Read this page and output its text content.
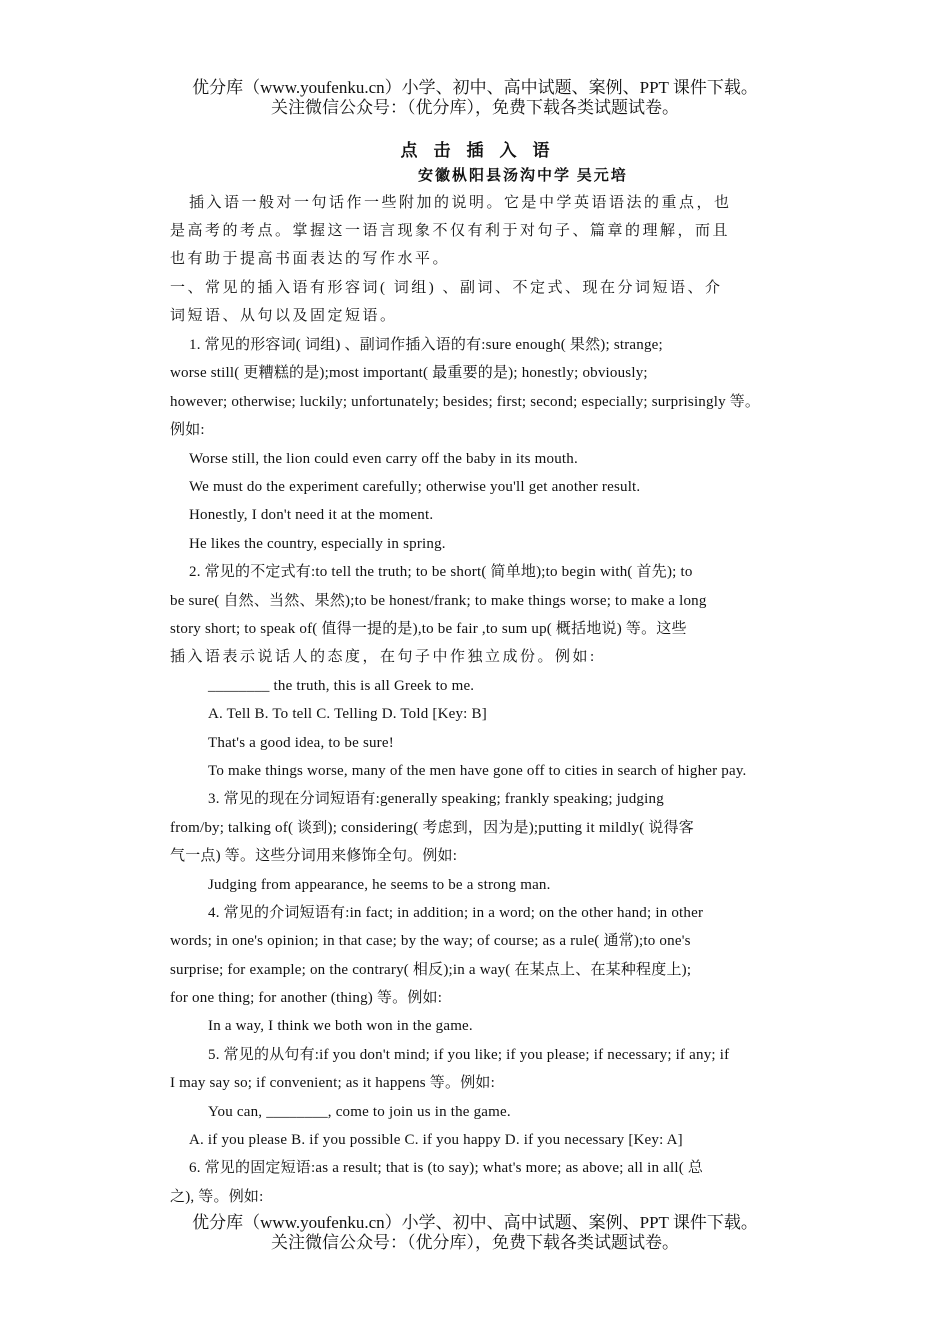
优分库（www.youfenku.cn）小学、初中、高中试题、案例、PPT 课件下载。
关注微信公众号：（优分库），免费下载各类试题试卷。
点击插入语
安徽枞阳县汤沟中学 吴元培
插入语一般对一句话作一些附加的说明。它是中学英语语法的重点，也
是高考的考点。掌握这一语言现象不仅有利于对句子、篇章的理解，而且
也有助于提高书面表达的写作水平。
一、常见的插入语有形容词( 词组) 、副词、不定式、现在分词短语、介
词短语、从句以及固定短语。
1. 常见的形容词( 词组) 、副词作插入语的有:sure enough( 果然); strange;
worse still( 更糟糕的是);most important( 最重要的是); honestly; obviously;
however; otherwise; luckily; unfortunately; besides; first; second; especially; surprisingly 等。
例如:
Worse still, the lion could even carry off the baby in its mouth.
We must do the experiment carefully; otherwise you'll get another result.
Honestly, I don't need it at the moment.
He likes the country, especially in spring.
2. 常见的不定式有:to tell the truth; to be short( 简单地);to begin with( 首先); to
be sure( 自然、当然、果然);to be honest/frank; to make things worse; to make a long
story short; to speak of( 值得一提的是),to be fair ,to sum up( 概括地说) 等。这些
插入语表示说话人的态度，在句子中作独立成份。例如:
________ the truth, this is all Greek to me.
A. Tell B. To tell C. Telling D. Told [Key: B]
That's a good idea, to be sure!
To make things worse, many of the men have gone off to cities in search of higher pay.
3. 常见的现在分词短语有:generally speaking; frankly speaking; judging
from/by; talking of( 谈到); considering( 考虑到，因为是);putting it mildly( 说得客
气一点) 等。这些分词用来修饰全句。例如:
Judging from appearance, he seems to be a strong man.
4. 常见的介词短语有:in fact; in addition; in a word; on the other hand; in other
words; in one's opinion; in that case; by the way; of course; as a rule( 通常);to one's
surprise; for example; on the contrary( 相反);in a way( 在某点上、在某种程度上);
for one thing; for another (thing) 等。例如:
In a way, I think we both won in the game.
5. 常见的从句有:if you don't mind; if you like; if you please; if necessary; if any; if
I may say so; if convenient; as it happens 等。例如:
You can, ________, come to join us in the game.
A. if you please B. if you possible C. if you happy D. if you necessary [Key: A]
6. 常见的固定短语:as a result; that is (to say); what's more; as above; all in all( 总
之), 等。例如:
优分库（www.youfenku.cn）小学、初中、高中试题、案例、PPT 课件下载。
关注微信公众号：（优分库），免费下载各类试题试卷。
